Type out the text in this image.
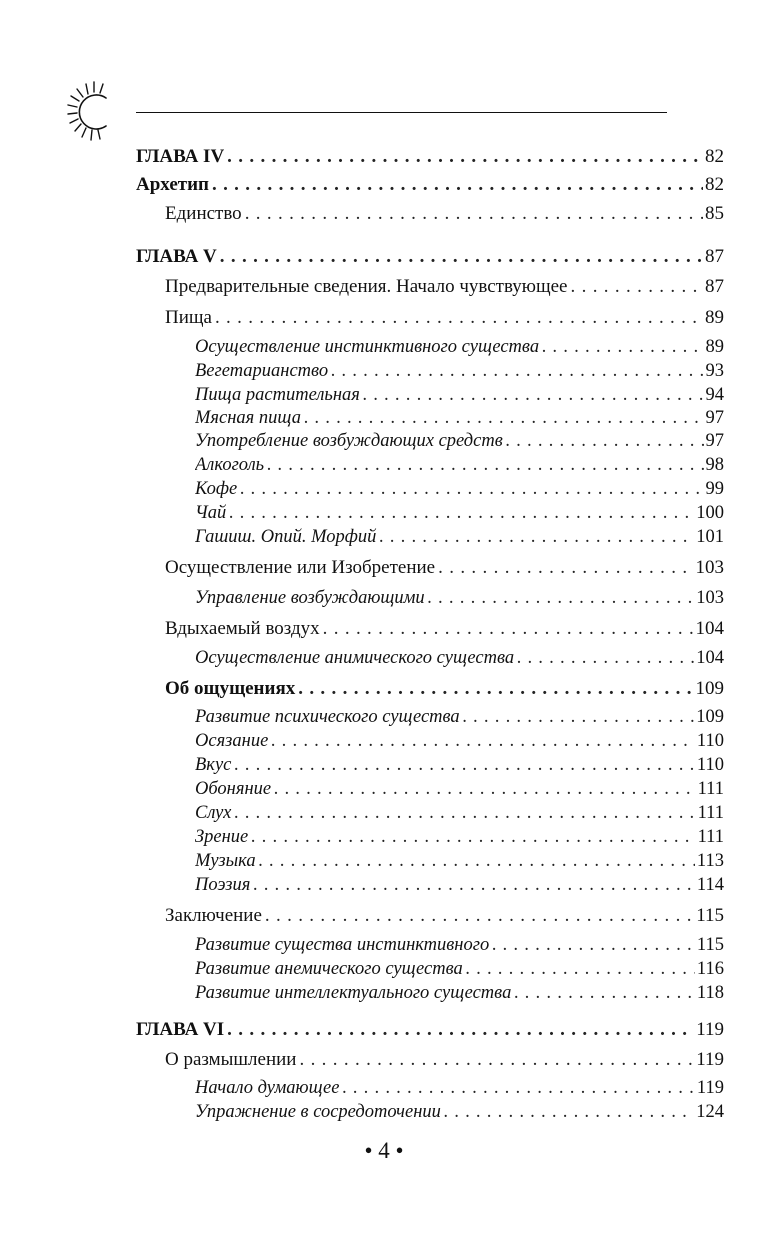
ГЛАВА IV . . .	82
Архетип . . .	82
Единство . . .	85
ГЛАВА V . . .	87
Предварительные сведения. Начало чувствующее . . .	87
Пища . . .	89
Осуществление инстинктивного существа . . .	89
Вегетарианство . . .	93
Пища растительная . . .	94
Мясная пища . . .	97
Употребление возбуждающих средств . . .	97
Алкоголь . . .	98
Кофе . . .	99
Чай . . .	100
Гашиш. Опий. Морфий . . .	101
Осуществление или Изобретение . . .	103
Управление возбуждающими . . .	103
Вдыхаемый воздух . . .	104
Осуществление анимического существа . . .	104
Об ощущениях . . .	109
Развитие психического существа . . .	109
Осязание . . .	110
Вкус . . .	110
Обоняние . . .	111
Слух . . .	111
Зрение . . .	111
Музыка . . .	113
Поэзия . . .	114
Заключение . . .	115
Развитие существа инстинктивного . . .	115
Развитие анемического существа . . .	116
Развитие интеллектуального существа . . .	118
ГЛАВА VI . . .	119
О размышлении . . .	119
Начало думающее . . .	119
Упражнение в сосредоточении . . .	124
• 4 •
